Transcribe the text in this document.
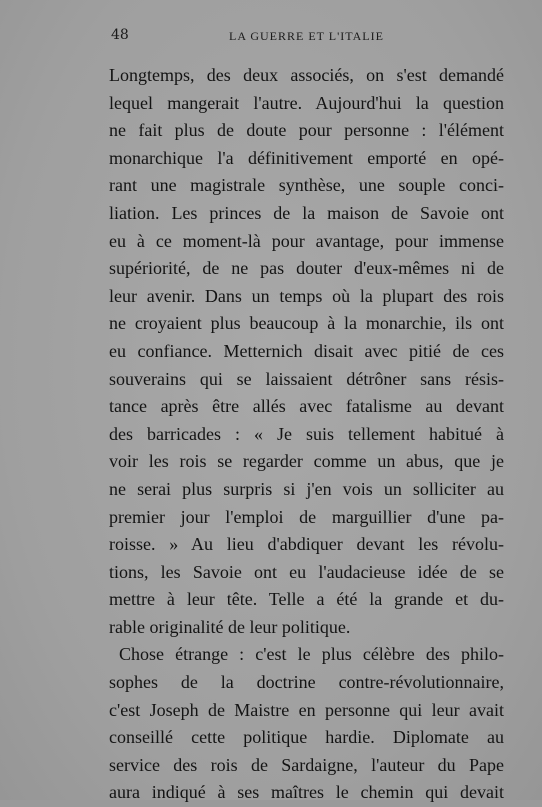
48	LA GUERRE ET L'ITALIE
Longtemps, des deux associés, on s'est demandé
lequel mangerait l'autre. Aujourd'hui la question
ne fait plus de doute pour personne : l'élément
monarchique l'a définitivement emporté en opé-
rant une magistrale synthèse, une souple conci-
liation. Les princes de la maison de Savoie ont
eu à ce moment-là pour avantage, pour immense
supériorité, de ne pas douter d'eux-mêmes ni de
leur avenir. Dans un temps où la plupart des rois
ne croyaient plus beaucoup à la monarchie, ils ont
eu confiance. Metternich disait avec pitié de ces
souverains qui se laissaient détrôner sans résis-
tance après être allés avec fatalisme au devant
des barricades : « Je suis tellement habitué à
voir les rois se regarder comme un abus, que je
ne serai plus surpris si j'en vois un solliciter au
premier jour l'emploi de marguillier d'une pa-
roisse. » Au lieu d'abdiquer devant les révolu-
tions, les Savoie ont eu l'audacieuse idée de se
mettre à leur tête. Telle a été la grande et du-
rable originalité de leur politique.
Chose étrange : c'est le plus célèbre des philo-
sophes de la doctrine contre-révolutionnaire,
c'est Joseph de Maistre en personne qui leur avait
conseillé cette politique hardie. Diplomate au
service des rois de Sardaigne, l'auteur du Pape
aura indiqué à ses maîtres le chemin qui devait
